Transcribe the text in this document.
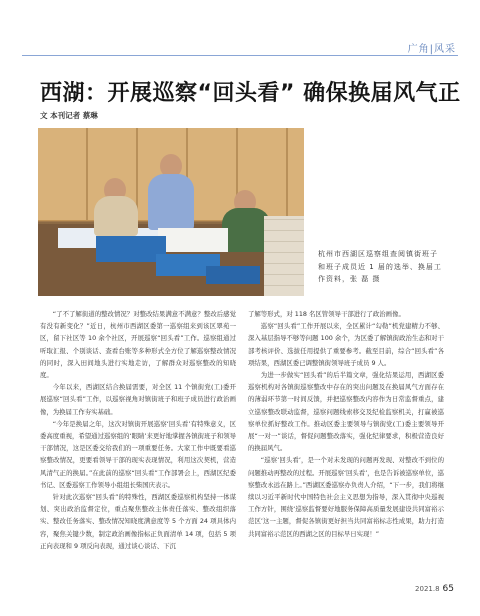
广角|风采
西湖：开展巡察“回头看” 确保换届风气正
文 本刊记者 蔡琳

杭州市西湖区巡察组查阅镇街班子和班子成员近 1 届的选举、换届工作资料，张 磊 摄

“了不了解街道的整改情况？对整改结果满意不满意？整改后感觉有没有新变化？”近日，杭州市西湖区委第一巡察组来到该区翠苑一区，留下社区等 10 余个社区，开展巡察“回头看”工作。巡察组通过听取汇报、个别谈话、查看台账等多种形式全方位了解巡察整改情况的同时，深入田间地头进行实地走访，了解群众对巡察整改的知晓度。

今年以来，西湖区结合换届需要，对全区 11 个镇街党(工)委开展巡察“回头看”工作，以巡察视角对镇街班子和班子成员进行政治画像，为换届工作夯实基础。

“今年是换届之年，这次对镇街开展巡察‘回头看’有特殊意义，区委高度重视，希望通过巡察组的‘眼睛’来更好地掌握各镇街班子和领导干部情况，这是区委交给我们的一项重要任务。大家工作中既要看巡察整改情况，更要看领导干部的现实表现情况，利用这次契机，营造风清气正的换届。”在此前的巡察“回头看”工作部署会上，西湖区纪委书记、区委巡察工作领导小组组长柴国庆表示。

针对此次巡察“回头看”的特殊性，西湖区委巡察机构坚持一体谋划、突出政治监督定位，重点聚焦整改主体责任落实、整改组织落实、整改任务落实、整改情况知晓度满意度等 5 个方面 24 项具体内容，聚焦关键少数，制定政治画像指标正负面清单 14 项，包括 5 项正向表现和 9 项反向表现，通过谈心谈话、下沉

了解等形式，对 118 名区管领导干部进行了政治画像。

巡察“回头看”工作开展以来，全区累计“勾勒”机党建精力不够、深入基层指导不够等问题 100 余个，为区委了解镇街政治生态和对干部考核评价、选拔任用提供了重要参考。截至目前，综合“回头看”各项结果，西湖区委已调整镇街领导班子成员 9 人。

为进一步做实“回头看”的后半篇文章，强化结果运用，西湖区委巡察机构对各镇街巡察整改中存在的突出问题及在换届风气方面存在的薄弱环节第一时间反馈，并把巡察整改内容作为日常监督重点，建立巡察整改联动监督，巡察问题线索移交及纪检监察机关，打赢被巡察单位抓好整改工作。推动区委主要领导与镇街党(工)委主要领导开展“一对一”谈话，督促问题整改落实，强化纪律要求，积极营造良好的换届风气。

“巡察‘回头看’，是一个对未发现的问题再发现、对整改不到位的问题推动再整改的过程。开展巡察‘回头看’，也是告诉被巡察单位，巡察整改永远在路上。”西湖区委巡察办负责人介绍，“下一步，我们将继续以习近平新时代中国特色社会主义思想为指导，深入贯彻中央巡视工作方针，围绕‘巡察监督要好地服务保障高质量发展建设共同富裕示范区’这一主题，督促各镇街更好担当共同富裕标志性成果，助力打造共同富裕示范区的西湖之区的目标早日实现！”

2021.8 65
